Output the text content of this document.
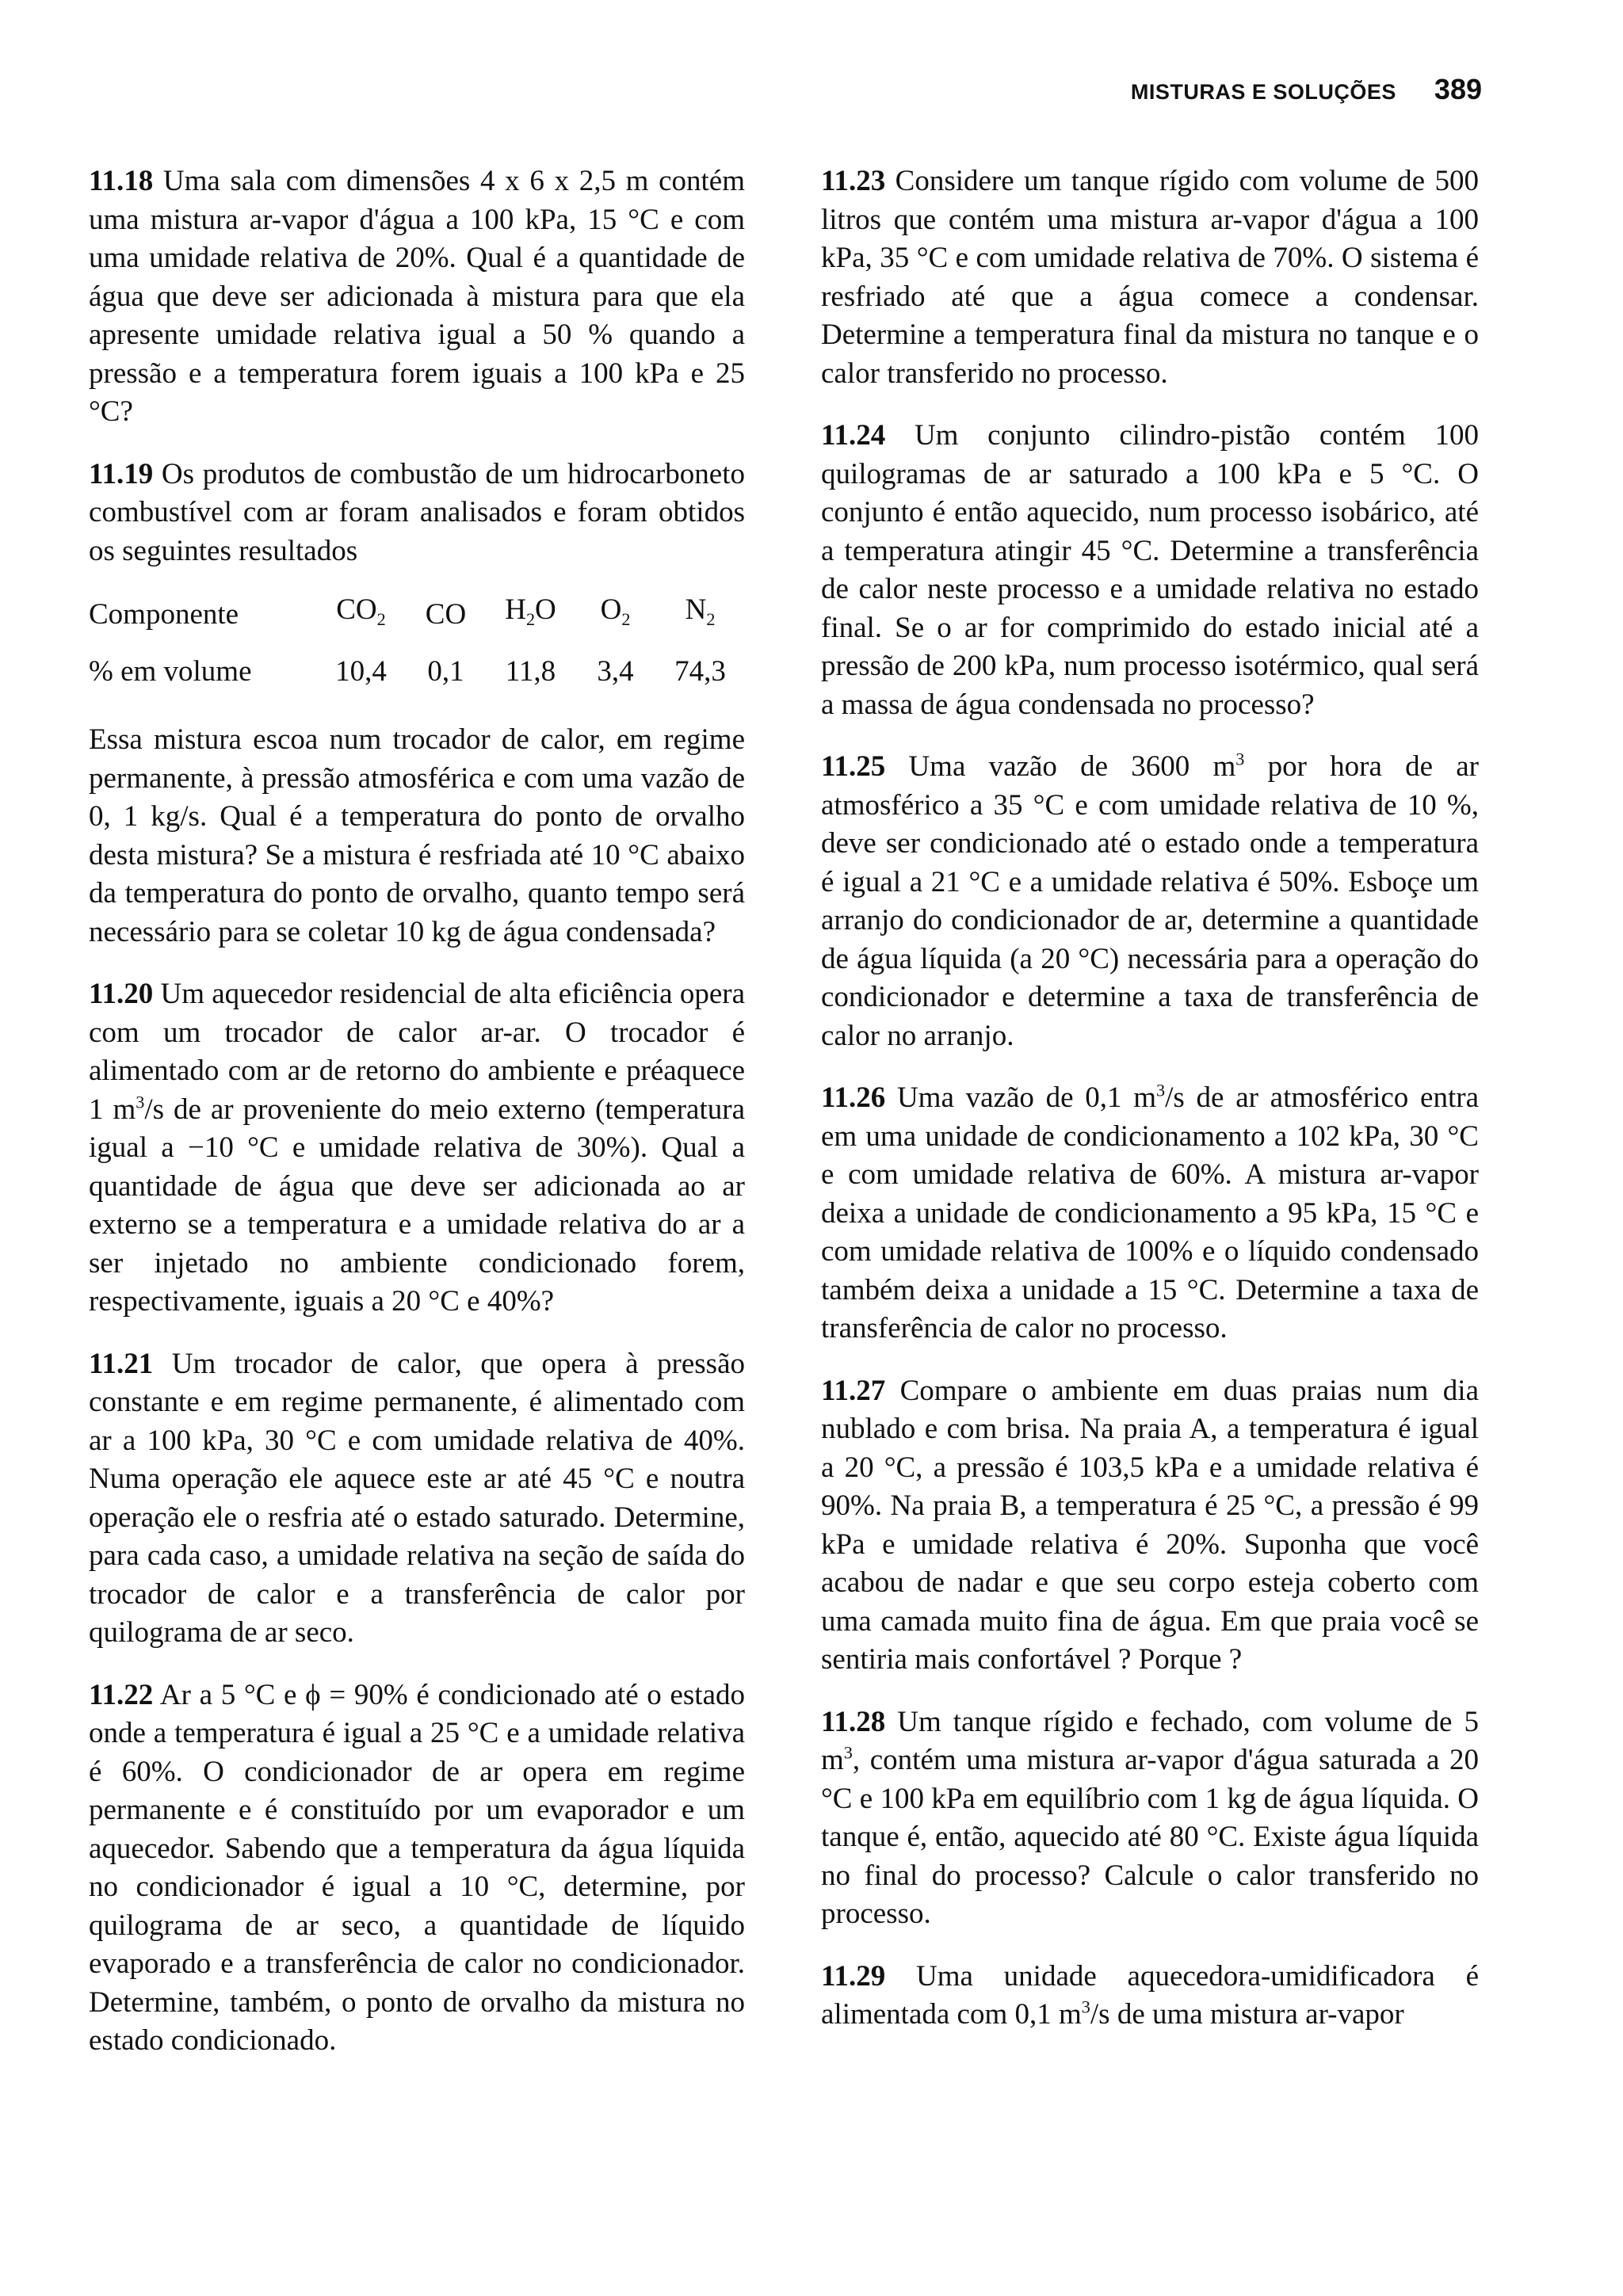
MISTURAS E SOLUÇÕES 389

11.18 Uma sala com dimensões 4 x 6 x 2,5 m contém uma mistura ar-vapor d'água a 100 kPa, 15 °C e com uma umidade relativa de 20%. Qual é a quantidade de água que deve ser adicionada à mistura para que ela apresente umidade relativa igual a 50 % quando a pressão e a temperatura forem iguais a 100 kPa e 25 °C?

11.19 Os produtos de combustão de um hidrocarboneto combustível com ar foram analisados e foram obtidos os seguintes resultados

Componente	$CO_2$	CO	$H_2O$	$O_2$	$N_2$
% em volume	10,4	0,1	11,8	3,4	74,3

Essa mistura escoa num trocador de calor, em regime permanente, à pressão atmosférica e com uma vazão de 0, 1 kg/s. Qual é a temperatura do ponto de orvalho desta mistura? Se a mistura é resfriada até 10 °C abaixo da temperatura do ponto de orvalho, quanto tempo será necessário para se coletar 10 kg de água condensada?

11.20 Um aquecedor residencial de alta eficiência opera com um trocador de calor ar-ar. O trocador é alimentado com ar de retorno do ambiente e préaquece 1 $m^3/s$ de ar proveniente do meio externo (temperatura igual a −10 °C e umidade relativa de 30%). Qual a quantidade de água que deve ser adicionada ao ar externo se a temperatura e a umidade relativa do ar a ser injetado no ambiente condicionado forem, respectivamente, iguais a 20 °C e 40%?

11.21 Um trocador de calor, que opera à pressão constante e em regime permanente, é alimentado com ar a 100 kPa, 30 °C e com umidade relativa de 40%. Numa operação ele aquece este ar até 45 °C e noutra operação ele o resfria até o estado saturado. Determine, para cada caso, a umidade relativa na seção de saída do trocador de calor e a transferência de calor por quilograma de ar seco.

11.22 Ar a 5 °C e ϕ = 90% é condicionado até o estado onde a temperatura é igual a 25 °C e a umidade relativa é 60%. O condicionador de ar opera em regime permanente e é constituído por um evaporador e um aquecedor. Sabendo que a temperatura da água líquida no condicionador é igual a 10 °C, determine, por quilograma de ar seco, a quantidade de líquido evaporado e a transferência de calor no condicionador. Determine, também, o ponto de orvalho da mistura no estado condicionado.

11.23 Considere um tanque rígido com volume de 500 litros que contém uma mistura ar-vapor d'água a 100 kPa, 35 °C e com umidade relativa de 70%. O sistema é resfriado até que a água comece a condensar. Determine a temperatura final da mistura no tanque e o calor transferido no processo.

11.24 Um conjunto cilindro-pistão contém 100 quilogramas de ar saturado a 100 kPa e 5 °C. O conjunto é então aquecido, num processo isobárico, até a temperatura atingir 45 °C. Determine a transferência de calor neste processo e a umidade relativa no estado final. Se o ar for comprimido do estado inicial até a pressão de 200 kPa, num processo isotérmico, qual será a massa de água condensada no processo?

11.25 Uma vazão de 3600 $m^3$ por hora de ar atmosférico a 35 °C e com umidade relativa de 10 %, deve ser condicionado até o estado onde a temperatura é igual a 21 °C e a umidade relativa é 50%. Esboçe um arranjo do condicionador de ar, determine a quantidade de água líquida (a 20 °C) necessária para a operação do condicionador e determine a taxa de transferência de calor no arranjo.

11.26 Uma vazão de 0,1 $m^3/s$ de ar atmosférico entra em uma unidade de condicionamento a 102 kPa, 30 °C e com umidade relativa de 60%. A mistura ar-vapor deixa a unidade de condicionamento a 95 kPa, 15 °C e com umidade relativa de 100% e o líquido condensado também deixa a unidade a 15 °C. Determine a taxa de transferência de calor no processo.

11.27 Compare o ambiente em duas praias num dia nublado e com brisa. Na praia A, a temperatura é igual a 20 °C, a pressão é 103,5 kPa e a umidade relativa é 90%. Na praia B, a temperatura é 25 °C, a pressão é 99 kPa e umidade relativa é 20%. Suponha que você acabou de nadar e que seu corpo esteja coberto com uma camada muito fina de água. Em que praia você se sentiria mais confortável ? Porque ?

11.28 Um tanque rígido e fechado, com volume de 5 $m^3$, contém uma mistura ar-vapor d'água saturada a 20 °C e 100 kPa em equilíbrio com 1 kg de água líquida. O tanque é, então, aquecido até 80 °C. Existe água líquida no final do processo? Calcule o calor transferido no processo.

11.29 Uma unidade aquecedora-umidificadora é alimentada com 0,1 $m^3/s$ de uma mistura ar-vapor
